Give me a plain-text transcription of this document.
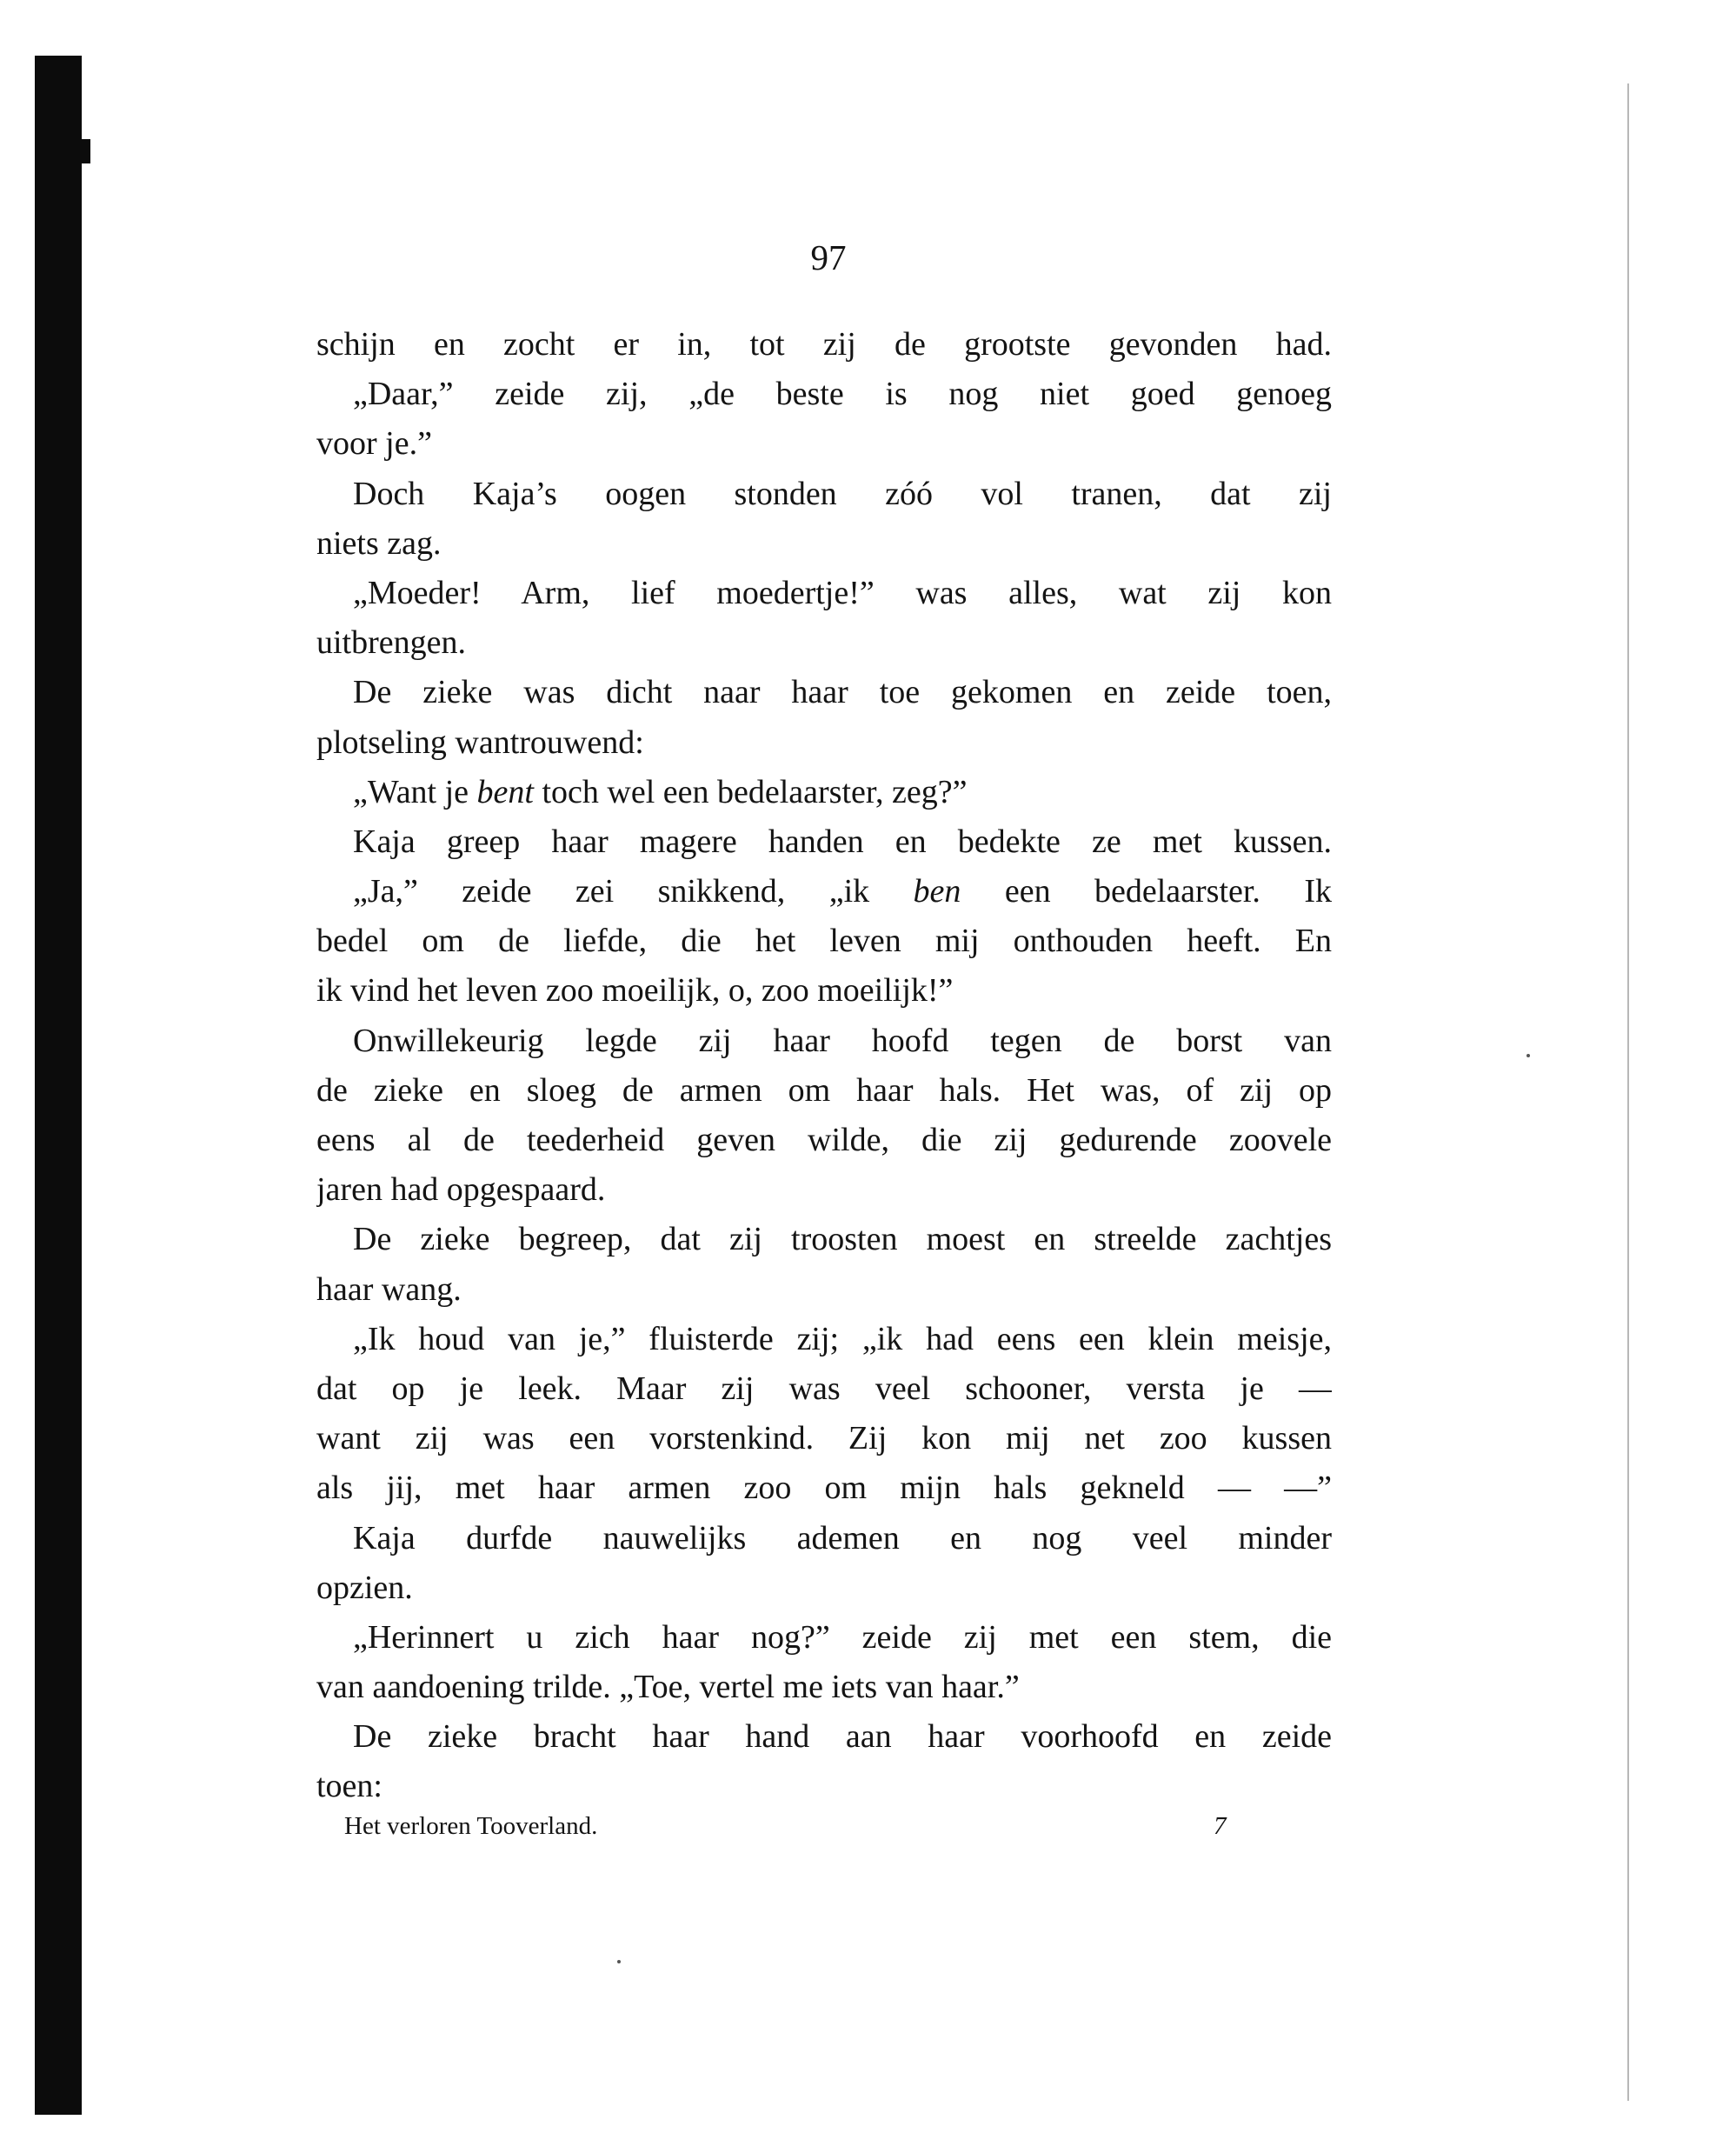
97
schijn en zocht er in, tot zij de grootste gevonden had.
„Daar,” zeide zij, „de beste is nog niet goed genoeg
voor je.”
Doch Kaja’s oogen stonden zóó vol tranen, dat zij
niets zag.
„Moeder! Arm, lief moedertje!” was alles, wat zij kon
uitbrengen.
De zieke was dicht naar haar toe gekomen en zeide toen,
plotseling wantrouwend:
„Want je bent toch wel een bedelaarster, zeg?”
Kaja greep haar magere handen en bedekte ze met kussen.
„Ja,” zeide zei snikkend, „ik ben een bedelaarster. Ik
bedel om de liefde, die het leven mij onthouden heeft. En
ik vind het leven zoo moeilijk, o, zoo moeilijk!”
Onwillekeurig legde zij haar hoofd tegen de borst van
de zieke en sloeg de armen om haar hals. Het was, of zij op
eens al de teederheid geven wilde, die zij gedurende zoovele
jaren had opgespaard.
De zieke begreep, dat zij troosten moest en streelde zachtjes
haar wang.
„Ik houd van je,” fluisterde zij; „ik had eens een klein meisje,
dat op je leek. Maar zij was veel schooner, versta je —
want zij was een vorstenkind. Zij kon mij net zoo kussen
als jij, met haar armen zoo om mijn hals gekneld — —”
Kaja durfde nauwelijks ademen en nog veel minder
opzien.
„Herinnert u zich haar nog?” zeide zij met een stem, die
van aandoening trilde. „Toe, vertel me iets van haar.”
De zieke bracht haar hand aan haar voorhoofd en zeide
toen:
Het verloren Tooverland.	7
